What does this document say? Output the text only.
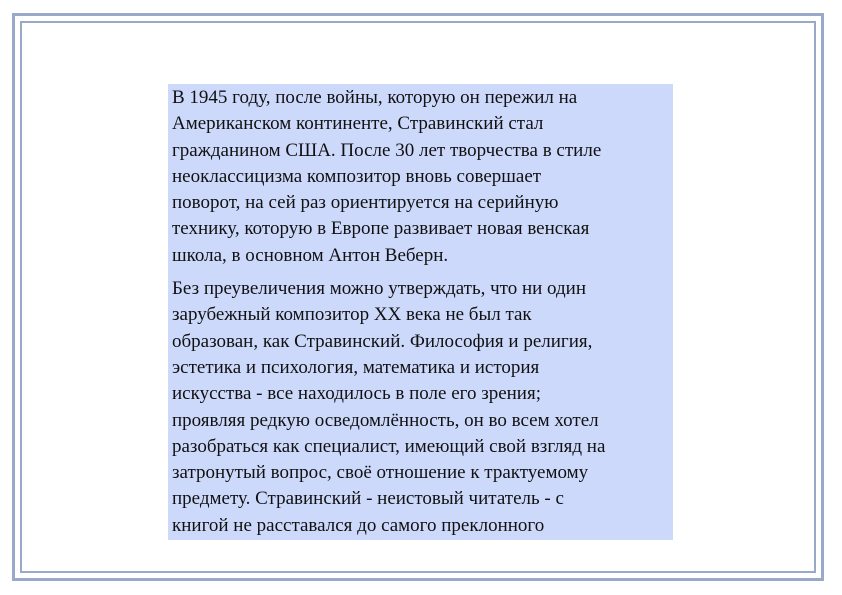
В 1945 году, после войны, которую он пережил на
Американском континенте, Стравинский стал
гражданином США. После 30 лет творчества в стиле
неоклассицизма композитор вновь совершает
поворот, на сей раз ориентируется на серийную
технику, которую в Европе развивает новая венская
школа, в основном Антон Веберн.

Без преувеличения можно утверждать, что ни один
зарубежный композитор XX века не был так
образован, как Стравинский. Философия и религия,
эстетика и психология, математика и история
искусства - все находилось в поле его зрения;
проявляя редкую осведомлённость, он во всем хотел
разобраться как специалист, имеющий свой взгляд на
затронутый вопрос, своё отношение к трактуемому
предмету. Стравинский - неистовый читатель - с
книгой не расставался до самого преклонного
